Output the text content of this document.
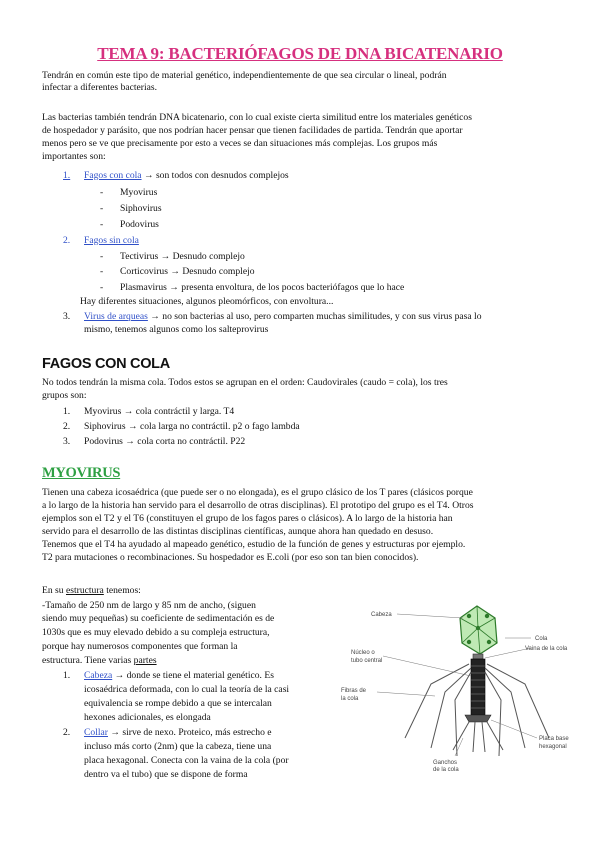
TEMA 9: BACTERIÓFAGOS DE DNA BICATENARIO
Tendrán en común este tipo de material genético, independientemente de que sea circular o lineal, podrán
infectar a diferentes bacterias.
Las bacterias también tendrán DNA bicatenario, con lo cual existe cierta similitud entre los materiales genéticos
de hospedador y parásito, que nos podrían hacer pensar que tienen facilidades de partida. Tendrán que aportar
menos pero se ve que precisamente por esto a veces se dan situaciones más complejas. Los grupos más
importantes son:
1. Fagos con cola → son todos con desnudos complejos
- Myovirus
- Siphovirus
- Podovirus
2. Fagos sin cola
- Tectivirus → Desnudo complejo
- Corticovirus → Desnudo complejo
- Plasmavirus → presenta envoltura, de los pocos bacteriófagos que lo hace
Hay diferentes situaciones, algunos pleomórficos, con envoltura...
3. Virus de arqueas → no son bacterias al uso, pero comparten muchas similitudes, y con sus virus pasa lo
mismo, tenemos algunos como los salteprovirus
FAGOS CON COLA
No todos tendrán la misma cola. Todos estos se agrupan en el orden: Caudovirales (caudo = cola), los tres
grupos son:
1. Myovirus → cola contráctil y larga. T4
2. Siphovirus → cola larga no contráctil. p2 o fago lambda
3. Podovirus → cola corta no contráctil. P22
MYOVIRUS
Tienen una cabeza icosaédrica (que puede ser o no elongada), es el grupo clásico de los T pares (clásicos porque
a lo largo de la historia han servido para el desarrollo de otras disciplinas). El prototipo del grupo es el T4. Otros
ejemplos son el T2 y el T6 (constituyen el grupo de los fagos pares o clásicos). A lo largo de la historia han
servido para el desarrollo de las distintas disciplinas científicas, aunque ahora han quedado en desuso.
Tenemos que el T4 ha ayudado al mapeado genético, estudio de la función de genes y estructuras por ejemplo.
T2 para mutaciones o recombinaciones. Su hospedador es E.coli (por eso son tan bien conocidos).
En su estructura tenemos:
-Tamaño de 250 nm de largo y 85 nm de ancho, (siguen
siendo muy pequeñas) su coeficiente de sedimentación es de
1030s que es muy elevado debido a su compleja estructura,
porque hay numerosos componentes que forman la
estructura. Tiene varias partes
1. Cabeza → donde se tiene el material genético. Es
icosaédrica deformada, con lo cual la teoría de la casi
equivalencia se rompe debido a que se intercalan
hexones adicionales, es elongada
2. Collar → sirve de nexo. Proteico, más estrecho e
incluso más corto (2nm) que la cabeza, tiene una
placa hexagonal. Conecta con la vaina de la cola (por
dentro va el tubo) que se dispone de forma
Cabeza
Cola
Núcleo o
tubo central
Vaina de la cola
Fibras de
la cola
Placa base
hexagonal
Ganchos
de la cola
